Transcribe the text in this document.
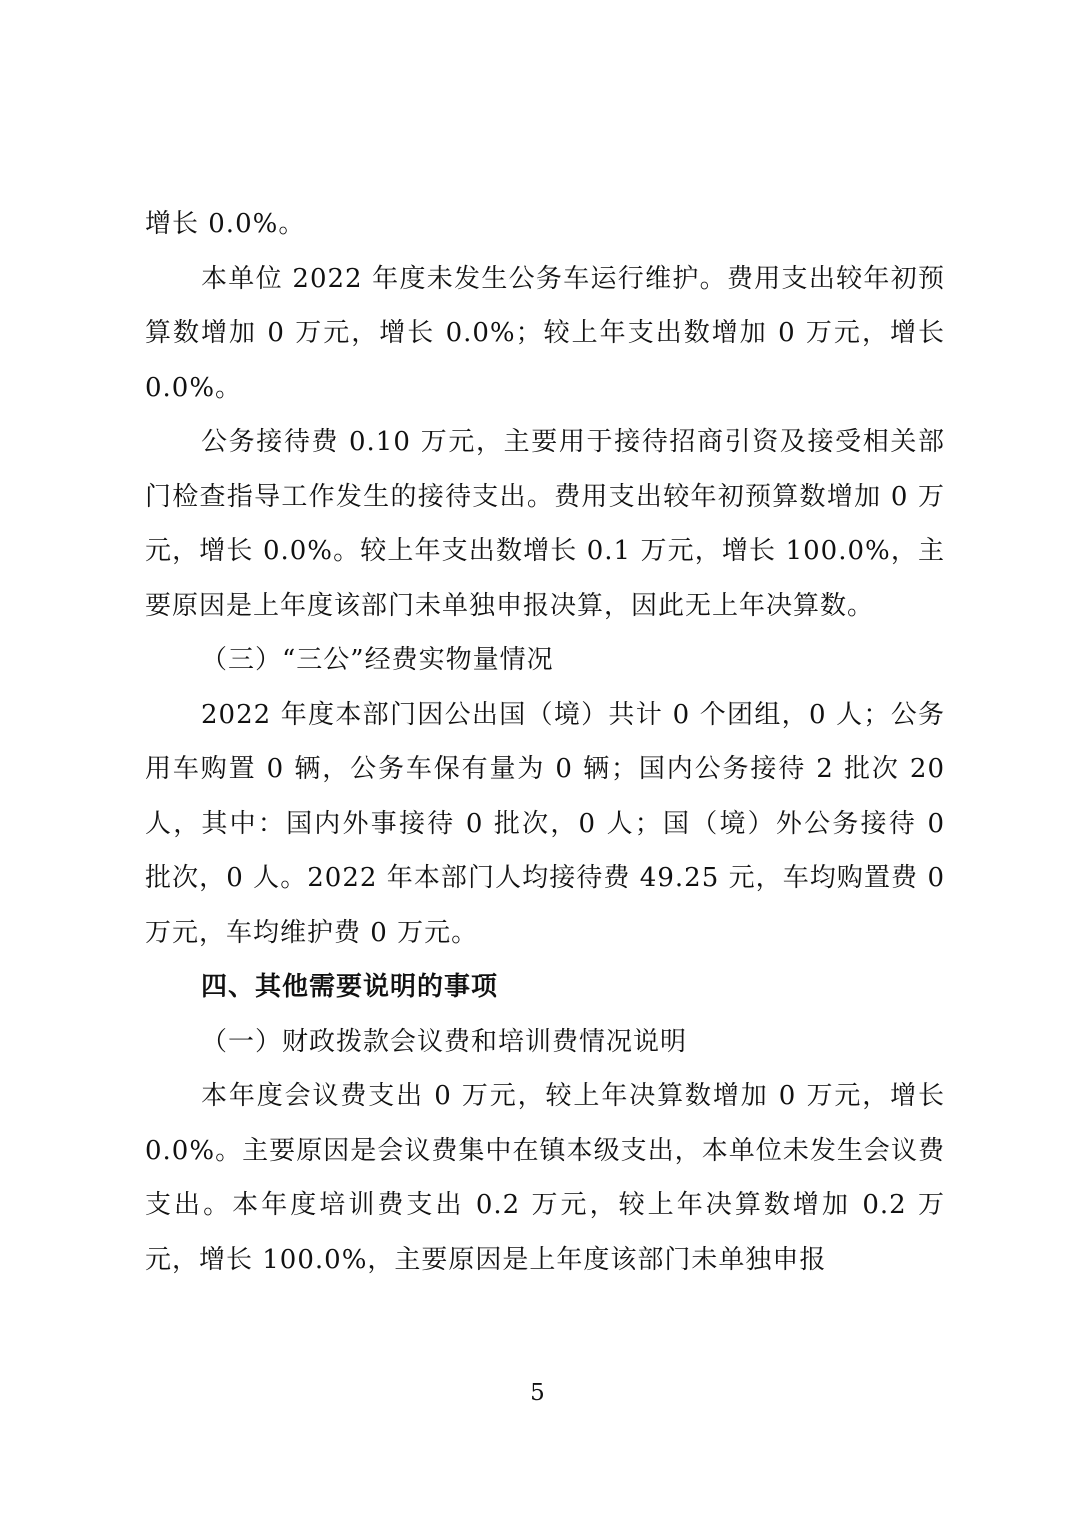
增长 0.0%。

本单位 2022 年度未发生公务车运行维护。费用支出较年初预算数增加 0 万元，增长 0.0%；较上年支出数增加 0 万元，增长 0.0%。

公务接待费 0.10 万元，主要用于接待招商引资及接受相关部门检查指导工作发生的接待支出。费用支出较年初预算数增加 0 万元，增长 0.0%。较上年支出数增长 0.1 万元，增长 100.0%，主要原因是上年度该部门未单独申报决算，因此无上年决算数。

（三）“三公”经费实物量情况

2022 年度本部门因公出国（境）共计 0 个团组，0 人；公务用车购置 0 辆，公务车保有量为 0 辆；国内公务接待 2 批次 20 人，其中：国内外事接待 0 批次，0 人；国（境）外公务接待 0 批次，0 人。2022 年本部门人均接待费 49.25 元，车均购置费 0 万元，车均维护费 0 万元。

四、其他需要说明的事项

（一）财政拨款会议费和培训费情况说明

本年度会议费支出 0 万元，较上年决算数增加 0 万元，增长 0.0%。主要原因是会议费集中在镇本级支出，本单位未发生会议费支出。本年度培训费支出 0.2 万元，较上年决算数增加 0.2 万元，增长 100.0%，主要原因是上年度该部门未单独申报

5
